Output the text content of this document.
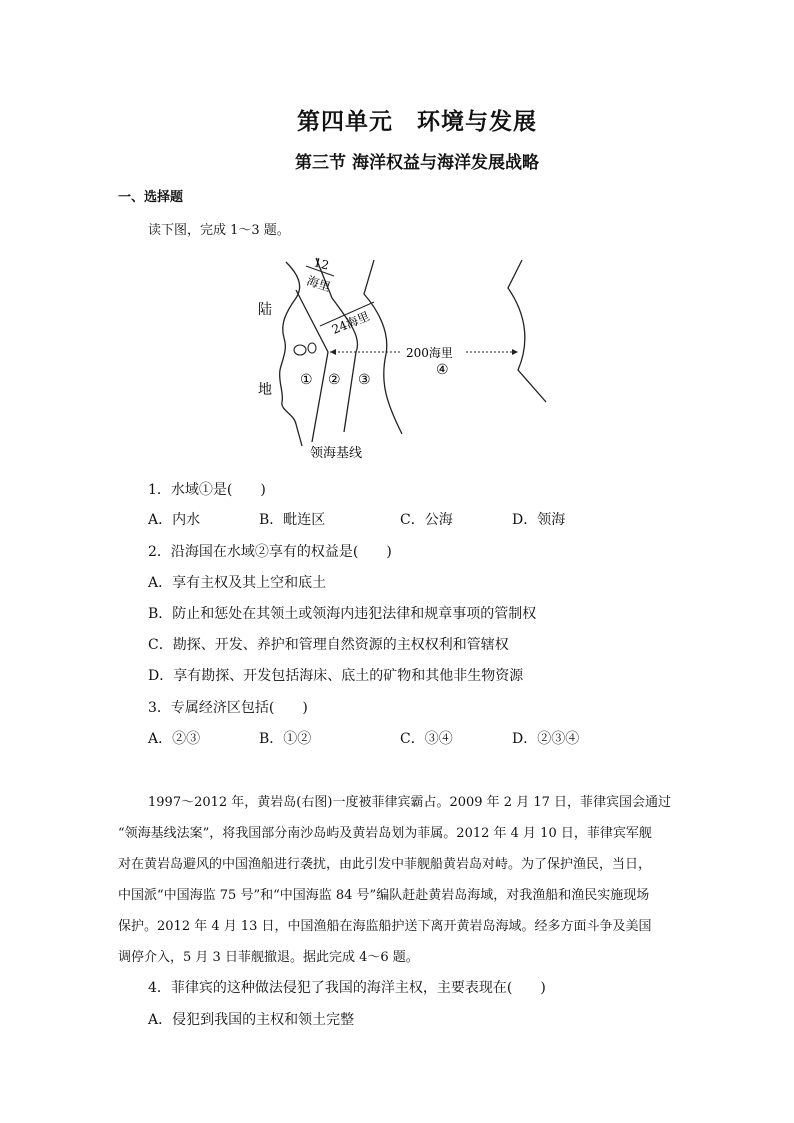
第四单元　环境与发展
第三节 海洋权益与海洋发展战略
一、选择题
读下图，完成 1～3 题。
陆
地
12
海里
24海里
200海里
① ② ③
④
领海基线
1．水域①是(　　)
A．内水	B．毗连区	C．公海	D．领海
2．沿海国在水域②享有的权益是(　　)
A．享有主权及其上空和底土
B．防止和惩处在其领土或领海内违犯法律和规章事项的管制权
C．勘探、开发、养护和管理自然资源的主权权利和管辖权
D．享有勘探、开发包括海床、底土的矿物和其他非生物资源
3．专属经济区包括(　　)
A．②③	B．①②	C．③④	D．②③④
1997～2012 年，黄岩岛(右图)一度被菲律宾霸占。2009 年 2 月 17 日，菲律宾国会通过
“领海基线法案”，将我国部分南沙岛屿及黄岩岛划为菲属。2012 年 4 月 10 日，菲律宾军舰
对在黄岩岛避风的中国渔船进行袭扰，由此引发中菲舰船黄岩岛对峙。为了保护渔民，当日，
中国派“中国海监 75 号”和“中国海监 84 号”编队赶赴黄岩岛海域，对我渔船和渔民实施现场
保护。2012 年 4 月 13 日，中国渔船在海监船护送下离开黄岩岛海域。经多方面斗争及美国
调停介入，5 月 3 日菲舰撤退。据此完成 4～6 题。
4．菲律宾的这种做法侵犯了我国的海洋主权，主要表现在(　　)
A．侵犯到我国的主权和领土完整
